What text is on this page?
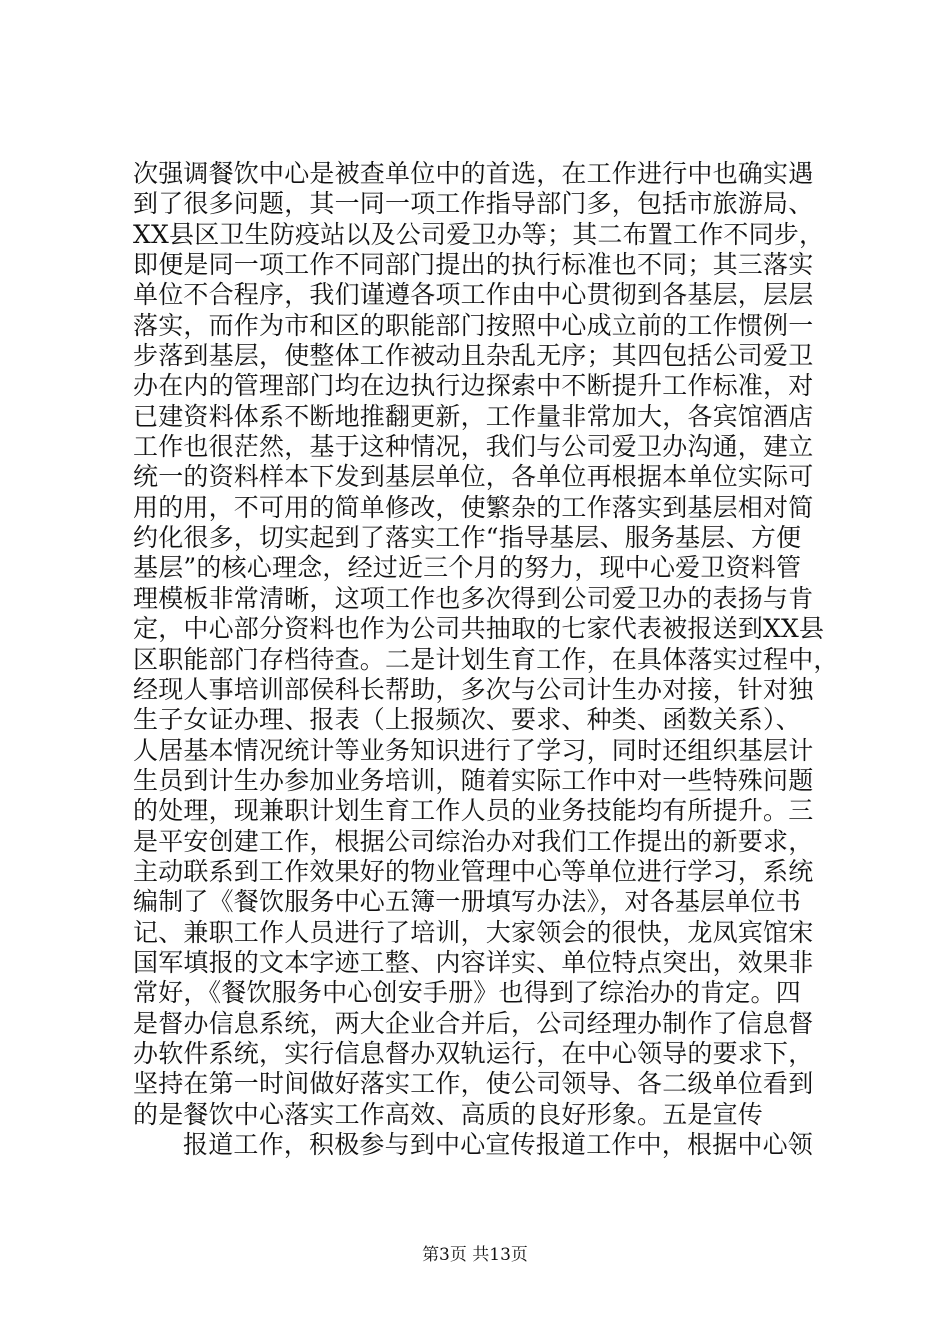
次强调餐饮中心是被查单位中的首选，在工作进行中也确实遇
到了很多问题，其一同一项工作指导部门多，包括市旅游局、
XX县区卫生防疫站以及公司爱卫办等；其二布置工作不同步，
即便是同一项工作不同部门提出的执行标准也不同；其三落实
单位不合程序，我们谨遵各项工作由中心贯彻到各基层，层层
落实，而作为市和区的职能部门按照中心成立前的工作惯例一
步落到基层，使整体工作被动且杂乱无序；其四包括公司爱卫
办在内的管理部门均在边执行边探索中不断提升工作标准，对
已建资料体系不断地推翻更新，工作量非常加大，各宾馆酒店
工作也很茫然，基于这种情况，我们与公司爱卫办沟通，建立
统一的资料样本下发到基层单位，各单位再根据本单位实际可
用的用，不可用的简单修改，使繁杂的工作落实到基层相对简
约化很多，切实起到了落实工作“指导基层、服务基层、方便
基层”的核心理念，经过近三个月的努力，现中心爱卫资料管
理模板非常清晰，这项工作也多次得到公司爱卫办的表扬与肯
定，中心部分资料也作为公司共抽取的七家代表被报送到XX县
区职能部门存档待查。二是计划生育工作，在具体落实过程中，
经现人事培训部侯科长帮助，多次与公司计生办对接，针对独
生子女证办理、报表（上报频次、要求、种类、函数关系）、
人居基本情况统计等业务知识进行了学习，同时还组织基层计
生员到计生办参加业务培训，随着实际工作中对一些特殊问题
的处理，现兼职计划生育工作人员的业务技能均有所提升。三
是平安创建工作，根据公司综治办对我们工作提出的新要求，
主动联系到工作效果好的物业管理中心等单位进行学习，系统
编制了《餐饮服务中心五簿一册填写办法》，对各基层单位书
记、兼职工作人员进行了培训，大家领会的很快，龙凤宾馆宋
国军填报的文本字迹工整、内容详实、单位特点突出，效果非
常好，《餐饮服务中心创安手册》也得到了综治办的肯定。四
是督办信息系统，两大企业合并后，公司经理办制作了信息督
办软件系统，实行信息督办双轨运行，在中心领导的要求下，
坚持在第一时间做好落实工作，使公司领导、各二级单位看到
的是餐饮中心落实工作高效、高质的良好形象。五是宣传
报道工作，积极参与到中心宣传报道工作中，根据中心领
第3页 共13页
